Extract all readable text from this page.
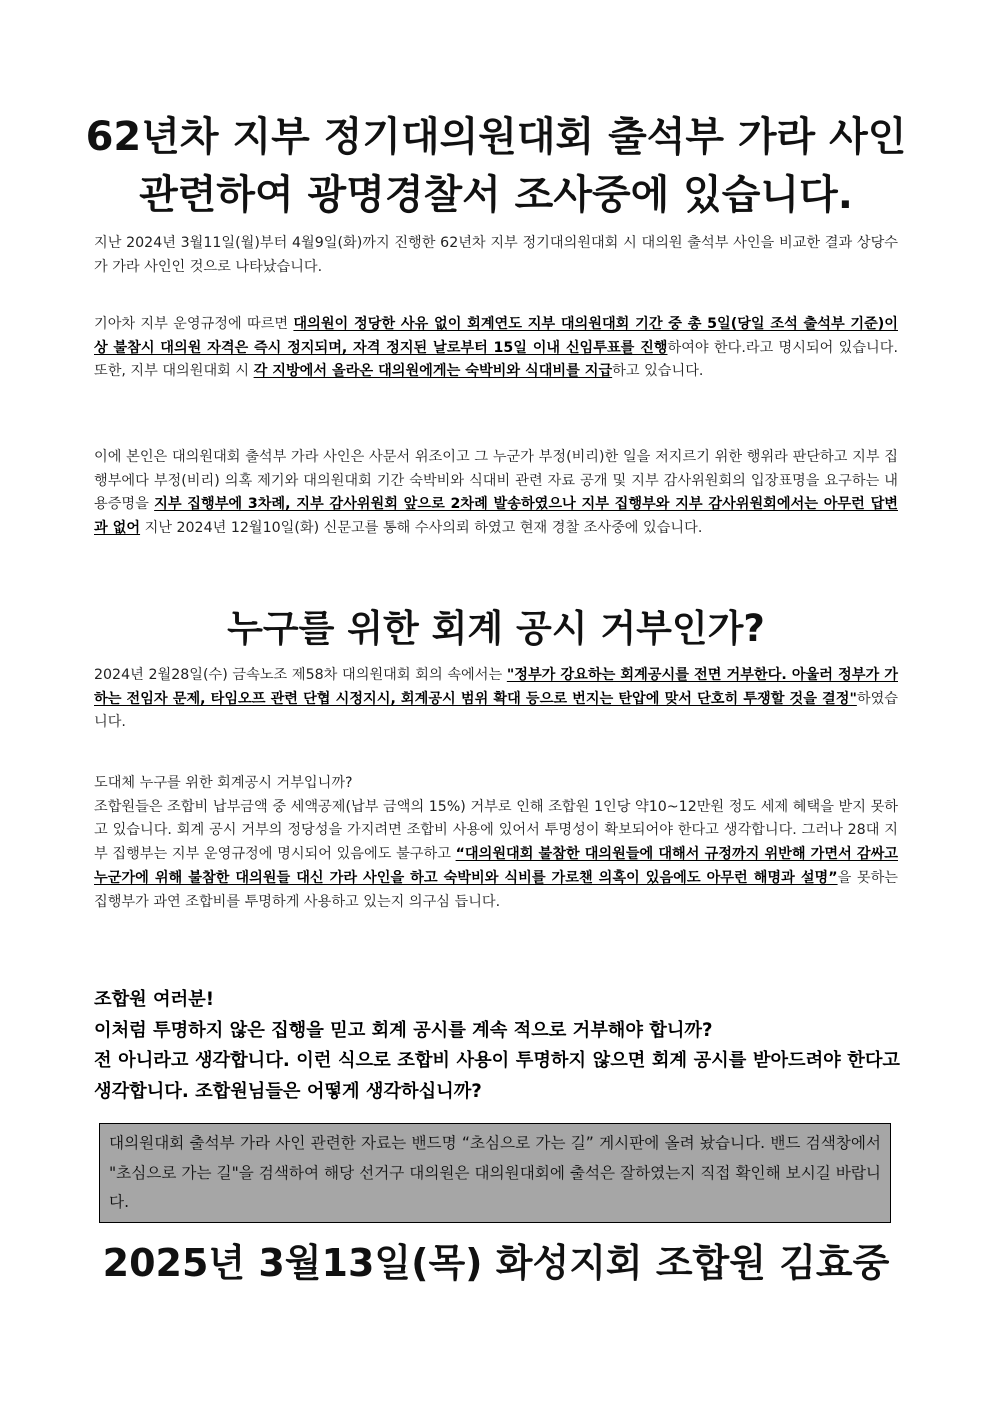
62년차 지부 정기대의원대회 출석부 가라 사인
관련하여 광명경찰서 조사중에 있습니다.

지난 2024년 3월11일(월)부터 4월9일(화)까지 진행한 62년차 지부 정기대의원대회 시 대의원 출석부 사인을 비교한 결과 상당수가 가라 사인인 것으로 나타났습니다.

기아차 지부 운영규정에 따르면 대의원이 정당한 사유 없이 회계연도 지부 대의원대회 기간 중 총 5일(당일 조석 출석부 기준)이상 불참시 대의원 자격은 즉시 정지되며, 자격 정지된 날로부터 15일 이내 신임투표를 진행하여야 한다.라고 명시되어 있습니다. 또한, 지부 대의원대회 시 각 지방에서 올라온 대의원에게는 숙박비와 식대비를 지급하고 있습니다.

이에 본인은 대의원대회 출석부 가라 사인은 사문서 위조이고 그 누군가 부정(비리)한 일을 저지르기 위한 행위라 판단하고 지부 집행부에다 부정(비리) 의혹 제기와 대의원대회 기간 숙박비와 식대비 관련 자료 공개 및 지부 감사위원회의 입장표명을 요구하는 내용증명을 지부 집행부에 3차례, 지부 감사위원회 앞으로 2차례 발송하였으나 지부 집행부와 지부 감사위원회에서는 아무런 답변과 없어 지난 2024년 12월10일(화) 신문고를 통해 수사의뢰 하였고 현재 경찰 조사중에 있습니다.

누구를 위한 회계 공시 거부인가?

2024년 2월28일(수) 금속노조 제58차 대의원대회 회의 속에서는 "정부가 강요하는 회계공시를 전면 거부한다. 아울러 정부가 가하는 전임자 문제, 타임오프 관련 단협 시정지시, 회계공시 범위 확대 등으로 번지는 탄압에 맞서 단호히 투쟁할 것을 결정"하였습니다.

도대체 누구를 위한 회계공시 거부입니까?
조합원들은 조합비 납부금액 중 세액공제(납부 금액의 15%) 거부로 인해 조합원 1인당 약10~12만원 정도 세제 혜택을 받지 못하고 있습니다. 회계 공시 거부의 정당성을 가지려면 조합비 사용에 있어서 투명성이 확보되어야 한다고 생각합니다. 그러나 28대 지부 집행부는 지부 운영규정에 명시되어 있음에도 불구하고 “대의원대회 불참한 대의원들에 대해서 규정까지 위반해 가면서 감싸고 누군가에 위해 불참한 대의원들 대신 가라 사인을 하고 숙박비와 식비를 가로챈 의혹이 있음에도 아무런 해명과 설명”을 못하는 집행부가 과연 조합비를 투명하게 사용하고 있는지 의구심 듭니다.

조합원 여러분!
이처럼 투명하지 않은 집행을 믿고 회계 공시를 계속 적으로 거부해야 합니까?
전 아니라고 생각합니다. 이런 식으로 조합비 사용이 투명하지 않으면 회계 공시를 받아드려야 한다고 생각합니다. 조합원님들은 어떻게 생각하십니까?

대의원대회 출석부 가라 사인 관련한 자료는 밴드명 “초심으로 가는 길” 게시판에 올려 놨습니다. 밴드 검색창에서 "초심으로 가는 길"을 검색하여 해당 선거구 대의원은 대의원대회에 출석은 잘하였는지 직접 확인해 보시길 바랍니다.

2025년 3월13일(목) 화성지회 조합원 김효중
